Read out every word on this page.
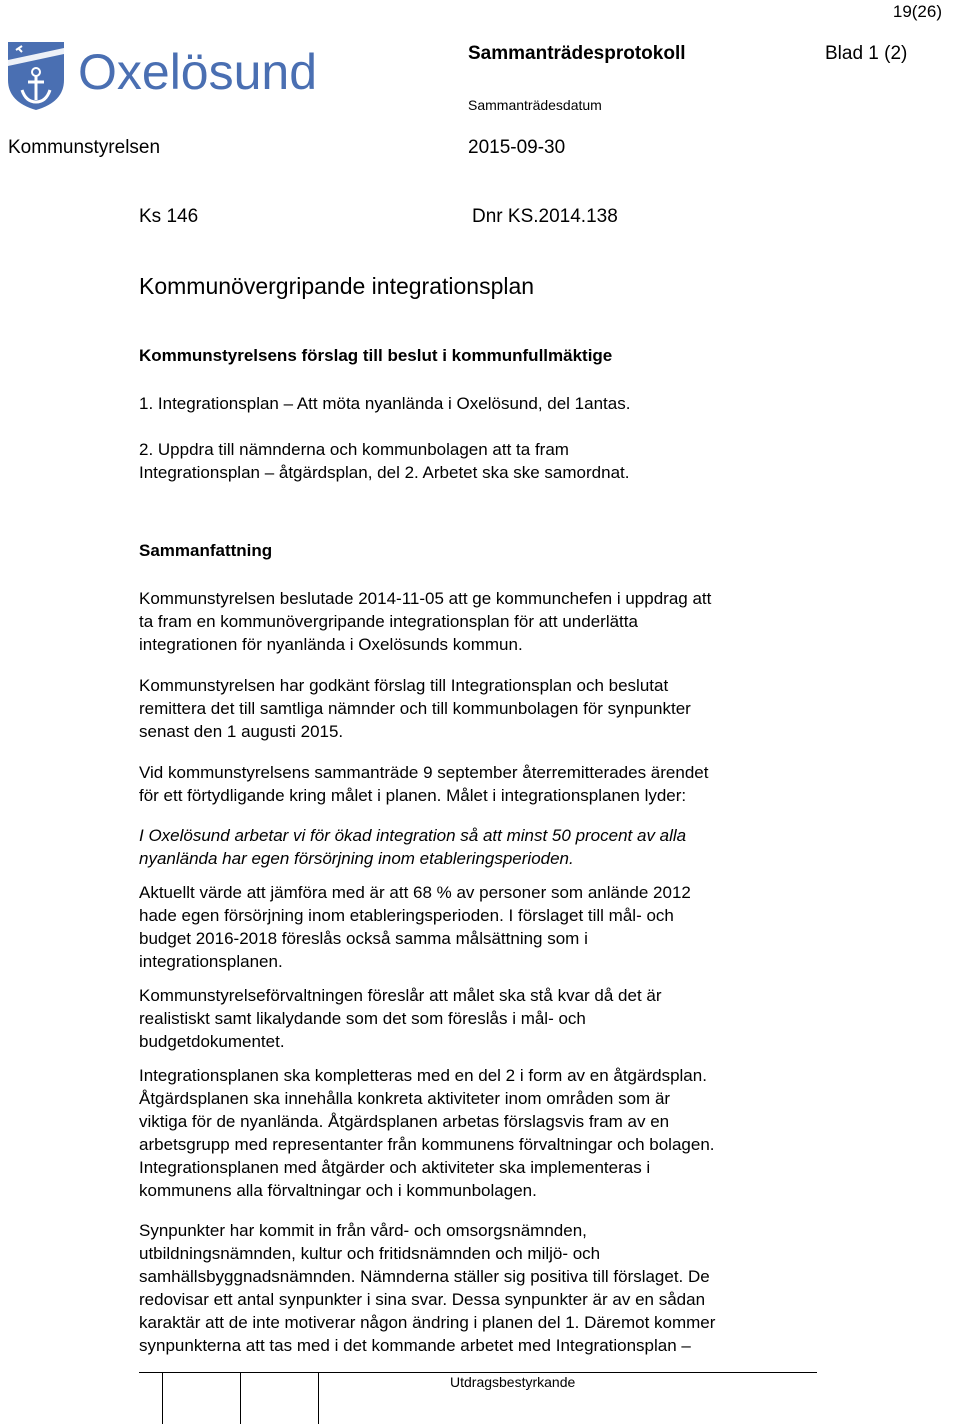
19(26)
Oxelösund	Sammanträdesprotokoll	Blad 1 (2)
Sammanträdesdatum
Kommunstyrelsen	2015-09-30
Ks 146	Dnr KS.2014.138
Kommunövergripande integrationsplan
Kommunstyrelsens förslag till beslut i kommunfullmäktige
1. Integrationsplan – Att möta nyanlända i Oxelösund, del 1antas.
2. Uppdra till nämnderna och kommunbolagen att ta fram
Integrationsplan – åtgärdsplan, del 2. Arbetet ska ske samordnat.
Sammanfattning
Kommunstyrelsen beslutade 2014-11-05 att ge kommunchefen i uppdrag att
ta fram en kommunövergripande integrationsplan för att underlätta
integrationen för nyanlända i Oxelösunds kommun.
Kommunstyrelsen har godkänt förslag till Integrationsplan och beslutat
remittera det till samtliga nämnder och till kommunbolagen för synpunkter
senast den 1 augusti 2015.
Vid kommunstyrelsens sammanträde 9 september återremitterades ärendet
för ett förtydligande kring målet i planen. Målet i integrationsplanen lyder:
I Oxelösund arbetar vi för ökad integration så att minst 50 procent av alla
nyanlända har egen försörjning inom etableringsperioden.
Aktuellt värde att jämföra med är att 68 % av personer som anlände 2012
hade egen försörjning inom etableringsperioden. I förslaget till mål- och
budget 2016-2018 föreslås också samma målsättning som i
integrationsplanen.
Kommunstyrelseförvaltningen föreslår att målet ska stå kvar då det är
realistiskt samt likalydande som det som föreslås i mål- och
budgetdokumentet.
Integrationsplanen ska kompletteras med en del 2 i form av en åtgärdsplan.
Åtgärdsplanen ska innehålla konkreta aktiviteter inom områden som är
viktiga för de nyanlända. Åtgärdsplanen arbetas förslagsvis fram av en
arbetsgrupp med representanter från kommunens förvaltningar och bolagen.
Integrationsplanen med åtgärder och aktiviteter ska implementeras i
kommunens alla förvaltningar och i kommunbolagen.
Synpunkter har kommit in från vård- och omsorgsnämnden,
utbildningsnämnden, kultur och fritidsnämnden och miljö- och
samhällsbyggnadsnämnden. Nämnderna ställer sig positiva till förslaget. De
redovisar ett antal synpunkter i sina svar. Dessa synpunkter är av en sådan
karaktär att de inte motiverar någon ändring i planen del 1. Däremot kommer
synpunkterna att tas med i det kommande arbetet med Integrationsplan –
Utdragsbestyrkande
